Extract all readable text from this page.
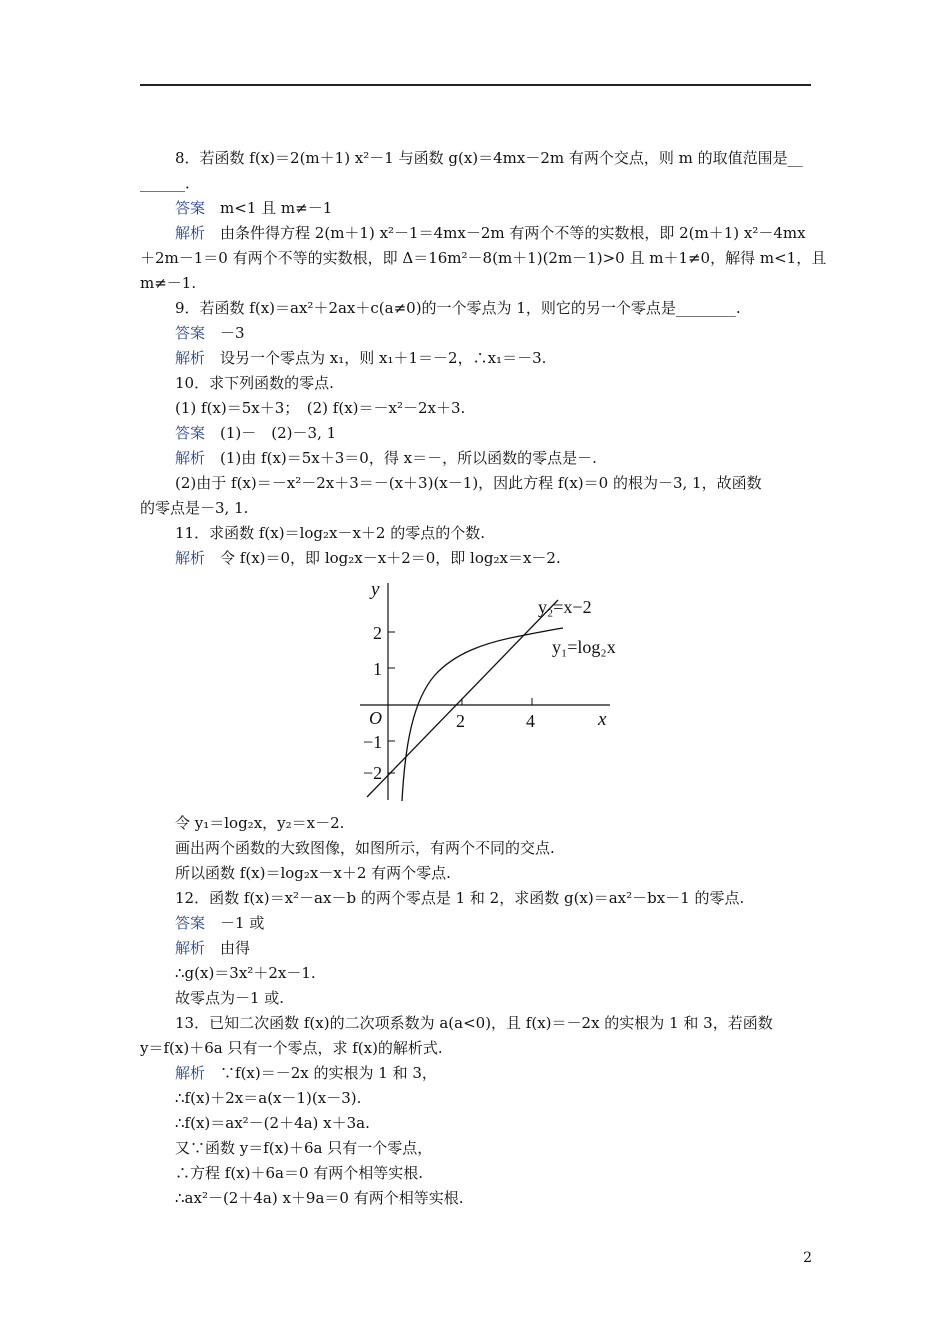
8．若函数 f(x)＝2(m＋1) x²－1 与函数 g(x)＝4mx－2m 有两个交点，则 m 的取值范围是__
______．
答案　 m<1 且 m≠－1
解析　 由条件得方程 2(m＋1) x²－1＝4mx－2m 有两个不等的实数根，即 2(m＋1) x²－4mx
＋2m－1＝0 有两个不等的实数根，即 Δ＝16m²－8(m＋1)(2m－1)>0 且 m＋1≠0，解得 m<1，且
m≠－1.
9．若函数 f(x)＝ax²＋2ax＋c(a≠0)的一个零点为 1，则它的另一个零点是________.
答案　 －3
解析　 设另一个零点为 x₁，则 x₁＋1＝－2，∴x₁＝－3.
10．求下列函数的零点.
(1) f(x)＝5x＋3；　(2) f(x)＝－x²－2x＋3.
答案　 (1)－　(2)－3, 1
解析　 (1)由 f(x)＝5x＋3＝0，得 x＝－，所以函数的零点是－.
(2)由于 f(x)＝－x²－2x＋3＝－(x＋3)(x－1)，因此方程 f(x)＝0 的根为－3, 1，故函数
的零点是－3, 1.
11．求函数 f(x)＝log₂x－x＋2 的零点的个数.
解析　 令 f(x)＝0，即 log₂x－x＋2＝0，即 log₂x＝x－2.
y
x
O
2
1
−1
−2
2	4
y₂=x−2
y₁=log₂x
令 y₁＝log₂x，y₂＝x－2.
画出两个函数的大致图像，如图所示，有两个不同的交点.
所以函数 f(x)＝log₂x－x＋2 有两个零点.
12．函数 f(x)＝x²－ax－b 的两个零点是 1 和 2，求函数 g(x)＝ax²－bx－1 的零点.
答案　 －1 或
解析　 由得
∴g(x)＝3x²＋2x－1.
故零点为－1 或.
13．已知二次函数 f(x)的二次项系数为 a(a<0)，且 f(x)＝－2x 的实根为 1 和 3，若函数
y＝f(x)＋6a 只有一个零点，求 f(x)的解析式.
解析　 ∵f(x)＝－2x 的实根为 1 和 3，
∴f(x)＋2x＝a(x－1)(x－3).
∴f(x)＝ax²－(2＋4a) x＋3a.
又∵函数 y＝f(x)＋6a 只有一个零点，
∴方程 f(x)＋6a＝0 有两个相等实根.
∴ax²－(2＋4a) x＋9a＝0 有两个相等实根.
2
